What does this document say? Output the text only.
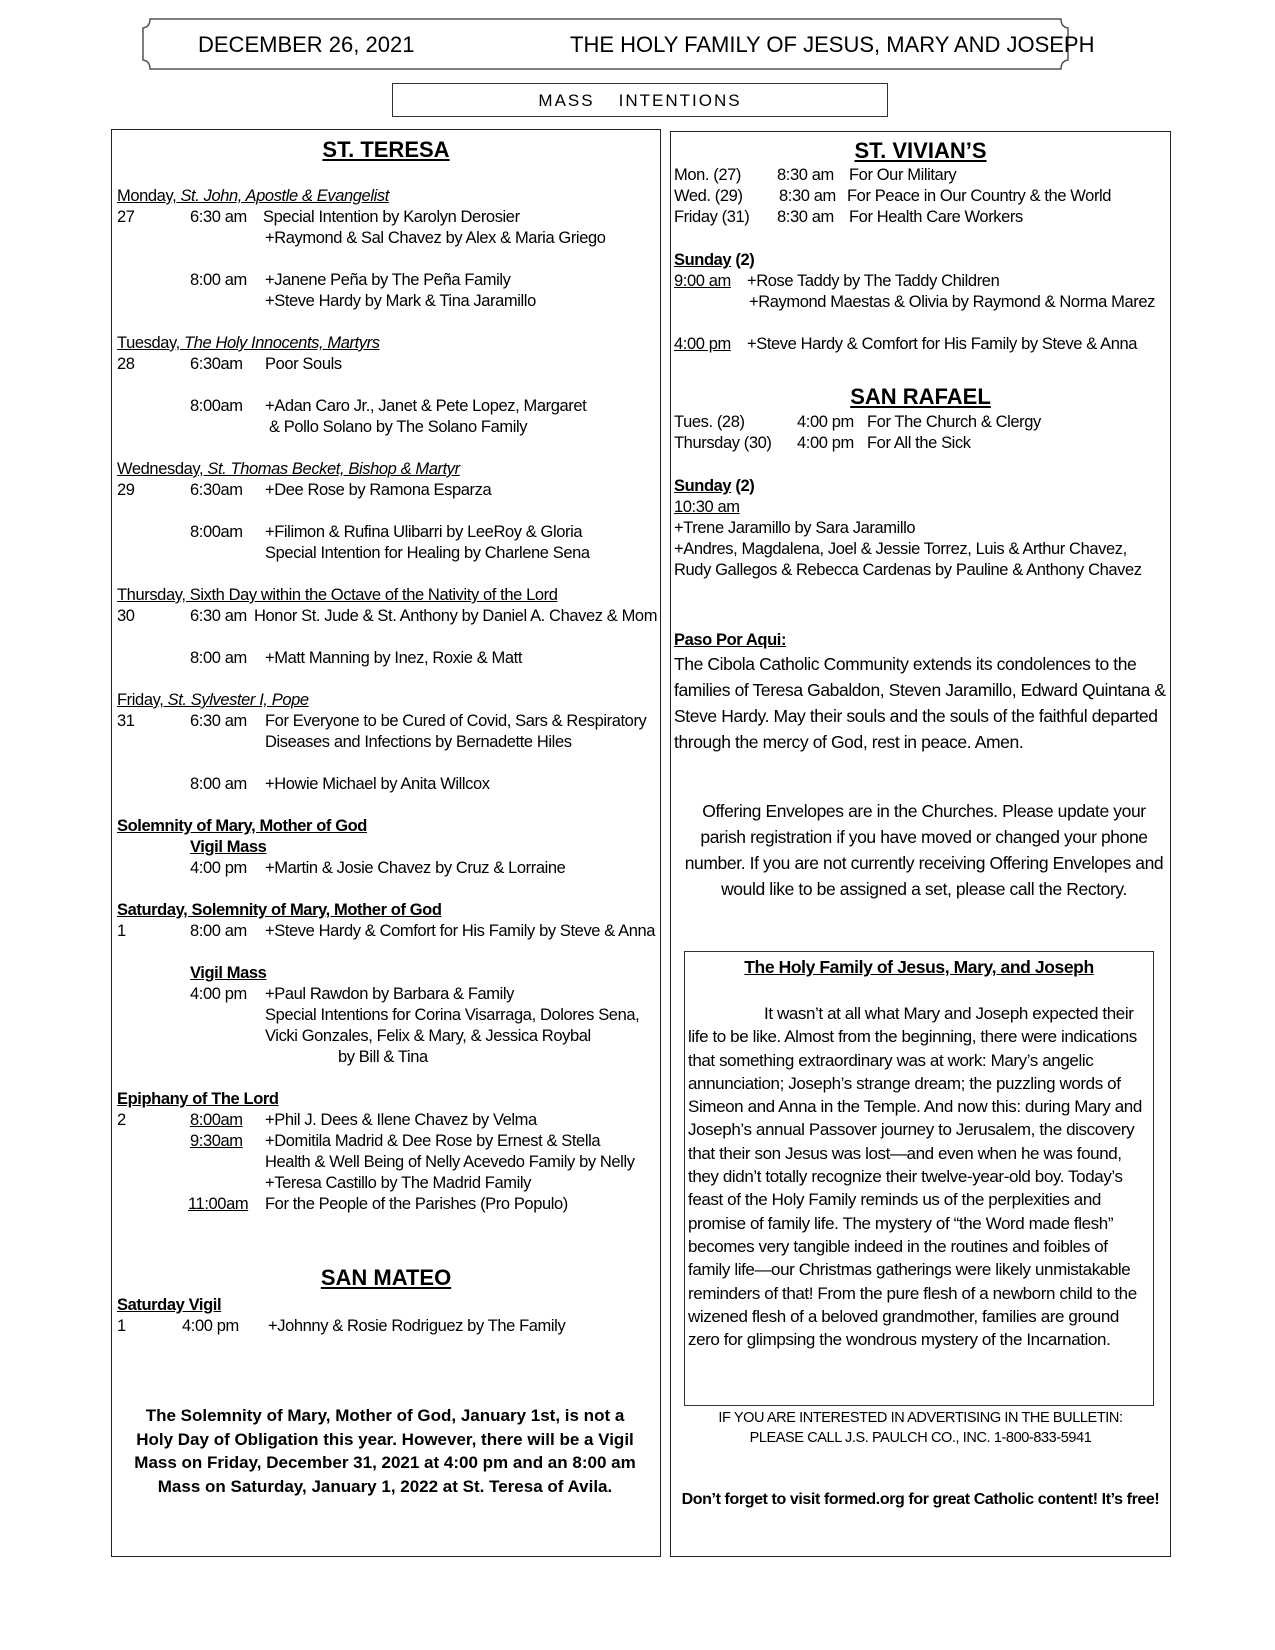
DECEMBER 26, 2021	THE HOLY FAMILY OF JESUS, MARY AND JOSEPH
MASS INTENTIONS
ST. TERESA
Monday, St. John, Apostle & Evangelist
27	6:30 am Special Intention by Karolyn Derosier
+Raymond & Sal Chavez by Alex & Maria Griego
8:00 am +Janene Peña by The Peña Family
+Steve Hardy by Mark & Tina Jaramillo
Tuesday, The Holy Innocents, Martyrs
28	6:30am Poor Souls
8:00am +Adan Caro Jr., Janet & Pete Lopez, Margaret
& Pollo Solano by The Solano Family
Wednesday, St. Thomas Becket, Bishop & Martyr
29	6:30am +Dee Rose by Ramona Esparza
8:00am +Filimon & Rufina Ulibarri by LeeRoy & Gloria
Special Intention for Healing by Charlene Sena
Thursday, Sixth Day within the Octave of the Nativity of the Lord
30	6:30 am Honor St. Jude & St. Anthony by Daniel A. Chavez & Mom
8:00 am +Matt Manning by Inez, Roxie & Matt
Friday, St. Sylvester I, Pope
31	6:30 am For Everyone to be Cured of Covid, Sars & Respiratory
Diseases and Infections by Bernadette Hiles
8:00 am +Howie Michael by Anita Willcox
Solemnity of Mary, Mother of God
Vigil Mass
4:00 pm +Martin & Josie Chavez by Cruz & Lorraine
Saturday, Solemnity of Mary, Mother of God
1	8:00 am +Steve Hardy & Comfort for His Family by Steve & Anna
Vigil Mass
4:00 pm +Paul Rawdon by Barbara & Family
Special Intentions for Corina Visarraga, Dolores Sena,
Vicki Gonzales, Felix & Mary, & Jessica Roybal
by Bill & Tina
Epiphany of The Lord
2	8:00am +Phil J. Dees & Ilene Chavez by Velma
9:30am +Domitila Madrid & Dee Rose by Ernest & Stella
Health & Well Being of Nelly Acevedo Family by Nelly
+Teresa Castillo by The Madrid Family
11:00am For the People of the Parishes (Pro Populo)
SAN MATEO
Saturday Vigil
1	4:00 pm +Johnny & Rosie Rodriguez by The Family
The Solemnity of Mary, Mother of God, January 1st, is not a Holy Day of Obligation this year. However, there will be a Vigil Mass on Friday, December 31, 2021 at 4:00 pm and an 8:00 am Mass on Saturday, January 1, 2022 at St. Teresa of Avila.
ST. VIVIAN’S
Mon. (27) 8:30 am For Our Military
Wed. (29) 8:30 am For Peace in Our Country & the World
Friday (31) 8:30 am For Health Care Workers
Sunday (2)
9:00 am +Rose Taddy by The Taddy Children
+Raymond Maestas & Olivia by Raymond & Norma Marez
4:00 pm +Steve Hardy & Comfort for His Family by Steve & Anna
SAN RAFAEL
Tues. (28)	4:00 pm For The Church & Clergy
Thursday (30) 4:00 pm For All the Sick
Sunday (2)
10:30 am
+Trene Jaramillo by Sara Jaramillo
+Andres, Magdalena, Joel & Jessie Torrez, Luis & Arthur Chavez,
Rudy Gallegos & Rebecca Cardenas by Pauline & Anthony Chavez
Paso Por Aqui:
The Cibola Catholic Community extends its condolences to the families of Teresa Gabaldon, Steven Jaramillo, Edward Quintana & Steve Hardy. May their souls and the souls of the faithful departed through the mercy of God, rest in peace. Amen.
Offering Envelopes are in the Churches. Please update your parish registration if you have moved or changed your phone number. If you are not currently receiving Offering Envelopes and would like to be assigned a set, please call the Rectory.
The Holy Family of Jesus, Mary, and Joseph
It wasn’t at all what Mary and Joseph expected their life to be like. Almost from the beginning, there were indications that something extraordinary was at work: Mary’s angelic annunciation; Joseph’s strange dream; the puzzling words of Simeon and Anna in the Temple. And now this: during Mary and Joseph’s annual Passover journey to Jerusalem, the discovery that their son Jesus was lost—and even when he was found, they didn’t totally recognize their twelve-year-old boy. Today’s feast of the Holy Family reminds us of the perplexities and promise of family life. The mystery of “the Word made flesh” becomes very tangible indeed in the routines and foibles of family life—our Christmas gatherings were likely unmistakable reminders of that! From the pure flesh of a newborn child to the wizened flesh of a beloved grandmother, families are ground zero for glimpsing the wondrous mystery of the Incarnation.
IF YOU ARE INTERESTED IN ADVERTISING IN THE BULLETIN:
PLEASE CALL J.S. PAULCH CO., INC. 1-800-833-5941
Don’t forget to visit formed.org for great Catholic content! It’s free!
